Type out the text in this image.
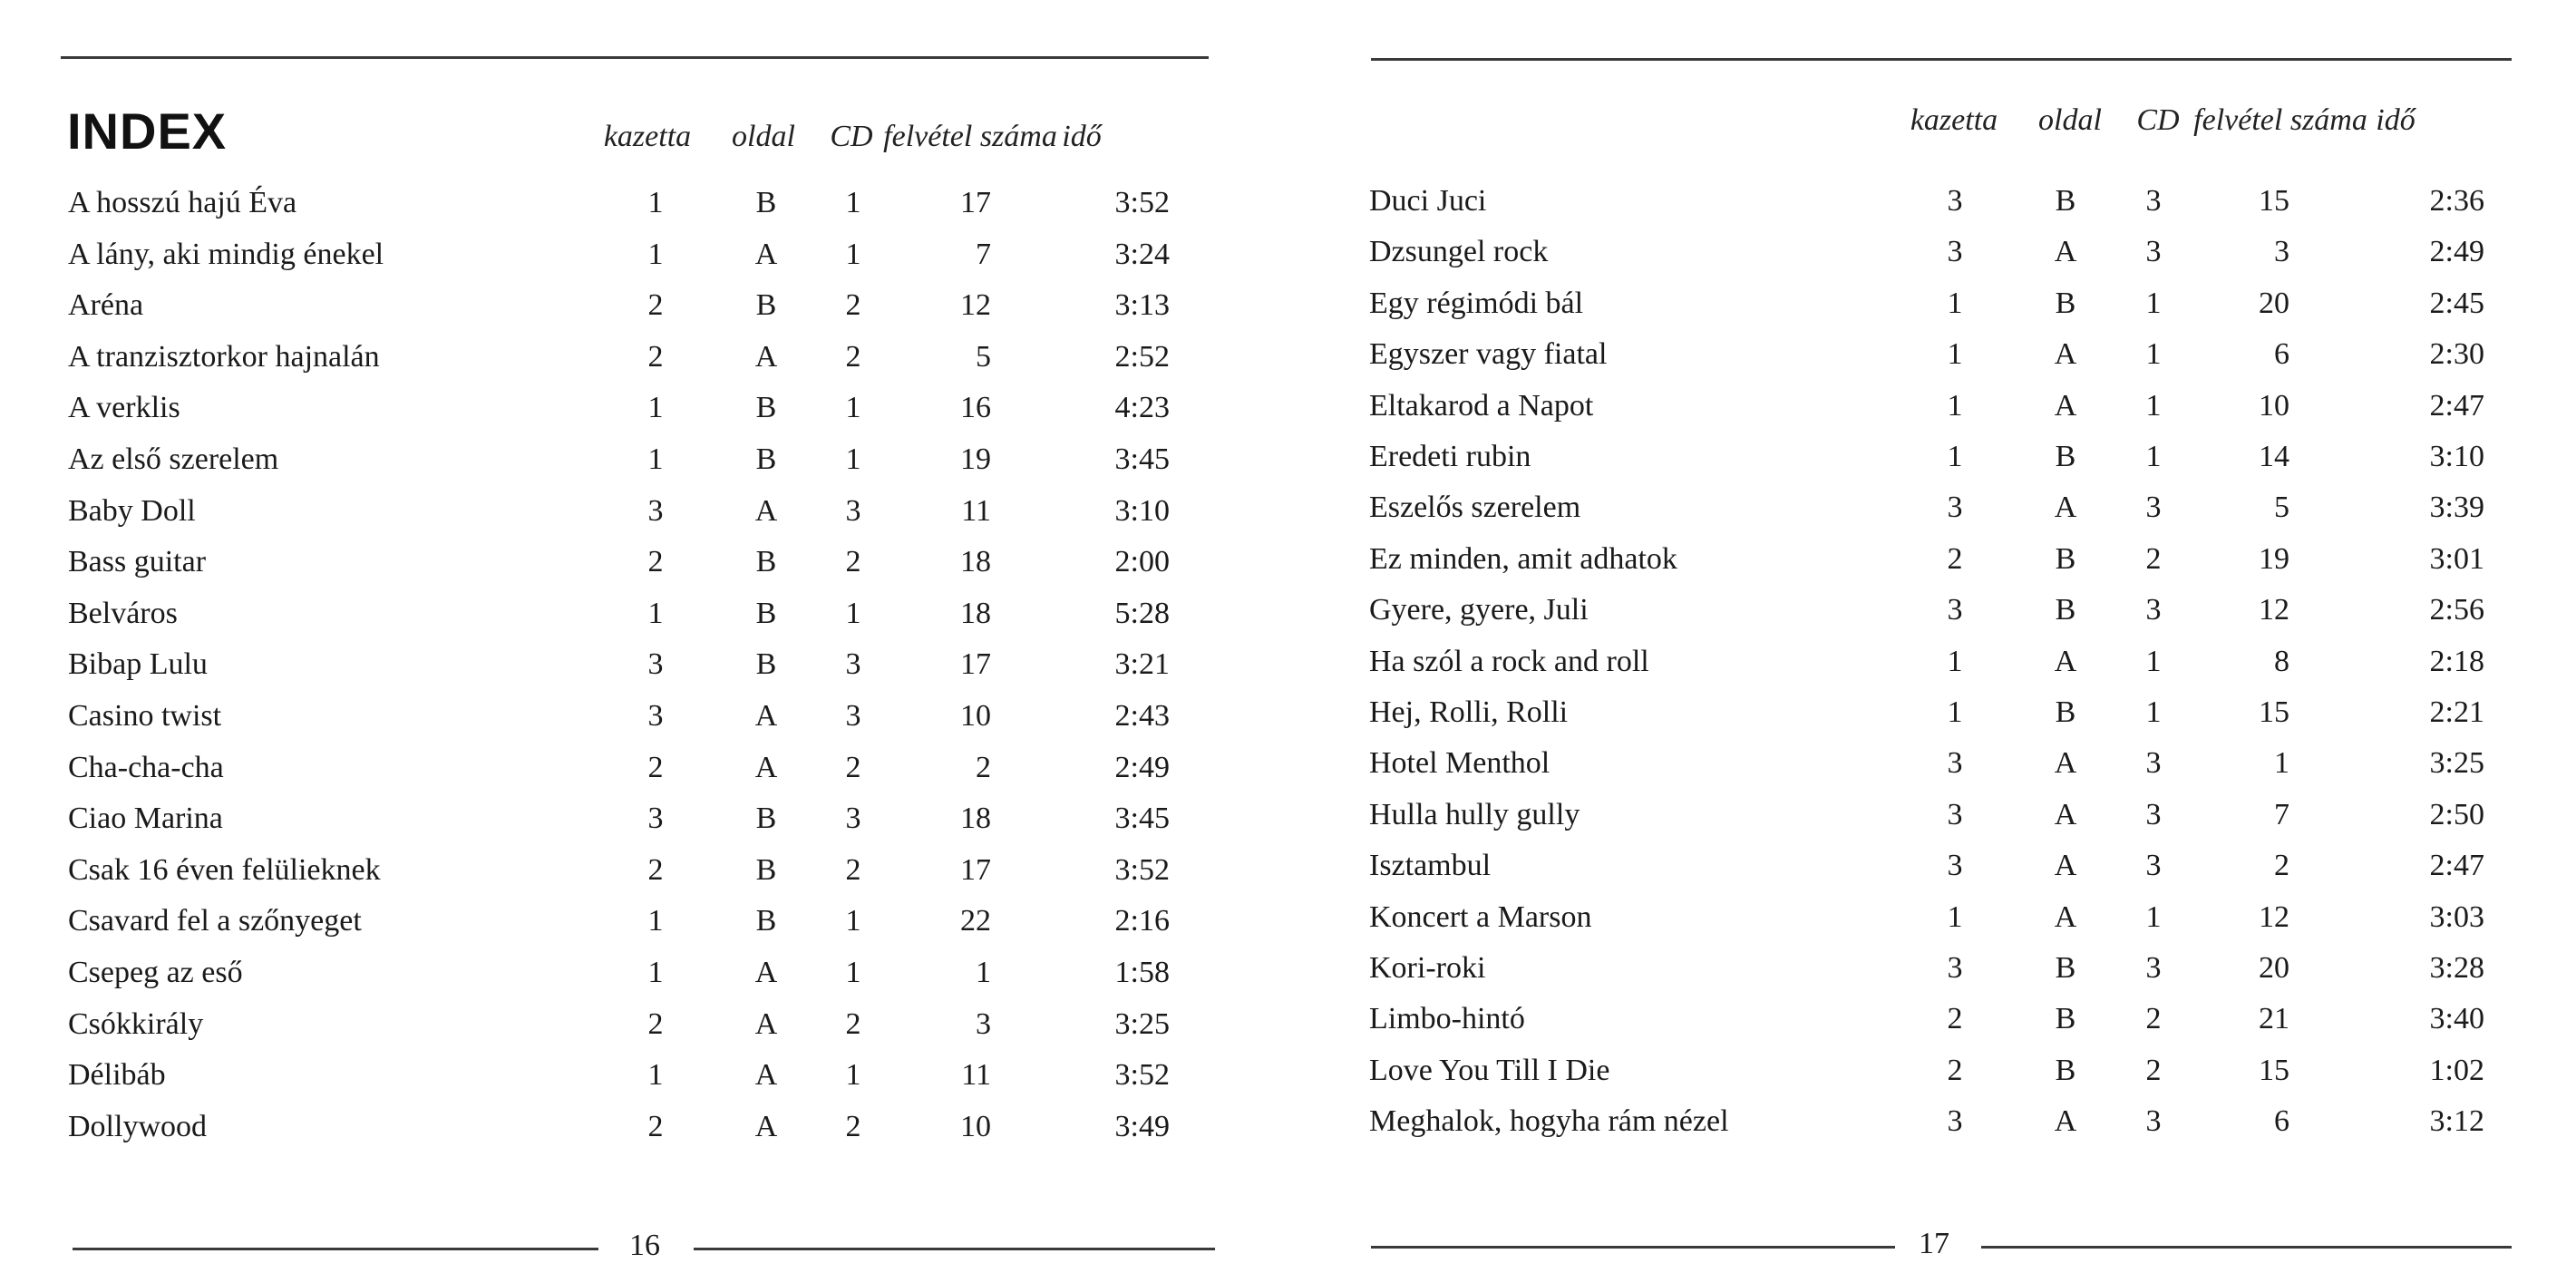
INDEX	kazetta oldal CD felvétel száma idő
A hosszú hajú Éva	1	B 1	17	3:52
A lány, aki mindig énekel	1	A 1	7	3:24
Aréna	2	B 2	12	3:13
A tranzisztorkor hajnalán	2	A 2	5	2:52
A verklis	1	B 1	16	4:23
Az első szerelem	1	B 1	19	3:45
Baby Doll	3	A 3	11	3:10
Bass guitar	2	B 2	18	2:00
Belváros	1	B 1	18	5:28
Bibap Lulu	3	B 3	17	3:21
Casino twist	3	A 3	10	2:43
Cha-cha-cha	2	A 2	2	2:49
Ciao Marina	3	B 3	18	3:45
Csak 16 éven felülieknek	2	B 2	17	3:52
Csavard fel a szőnyeget	1	B 1	22	2:16
Csepeg az eső	1	A 1	1	1:58
Csókkirály	2	A 2	3	3:25
Délibáb	1	A 1	11	3:52
Dollywood	2	A 2	10	3:49
16
kazetta oldal CD felvétel száma idő
Duci Juci	3	B 3	15	2:36
Dzsungel rock	3	A 3	3	2:49
Egy régimódi bál	1	B 1	20	2:45
Egyszer vagy fiatal	1	A 1	6	2:30
Eltakarod a Napot	1	A 1	10	2:47
Eredeti rubin	1	B 1	14	3:10
Eszelős szerelem	3	A 3	5	3:39
Ez minden, amit adhatok	2	B 2	19	3:01
Gyere, gyere, Juli	3	B 3	12	2:56
Ha szól a rock and roll	1	A 1	8	2:18
Hej, Rolli, Rolli	1	B 1	15	2:21
Hotel Menthol	3	A 3	1	3:25
Hulla hully gully	3	A 3	7	2:50
Isztambul	3	A 3	2	2:47
Koncert a Marson	1	A 1	12	3:03
Kori-roki	3	B 3	20	3:28
Limbo-hintó	2	B 2	21	3:40
Love You Till I Die	2	B 2	15	1:02
Meghalok, hogyha rám nézel	3	A 3	6	3:12
17
